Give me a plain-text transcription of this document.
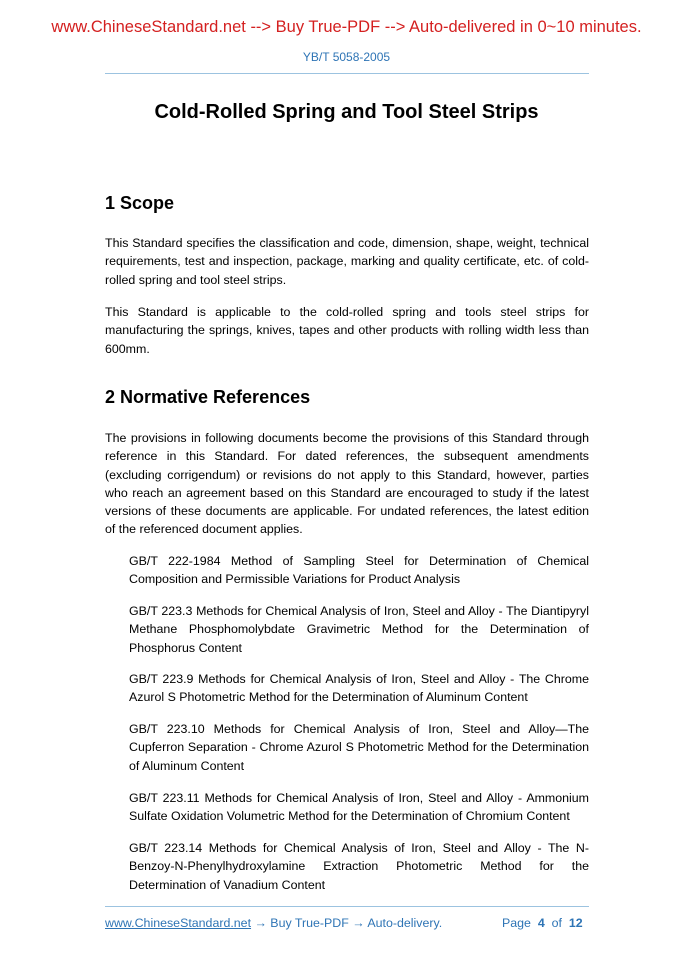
www.ChineseStandard.net --> Buy True-PDF --> Auto-delivered in 0~10 minutes.
YB/T 5058-2005
Cold-Rolled Spring and Tool Steel Strips
1 Scope

This Standard specifies the classification and code, dimension, shape, weight, technical requirements, test and inspection, package, marking and quality certificate, etc. of cold-rolled spring and tool steel strips.

This Standard is applicable to the cold-rolled spring and tools steel strips for manufacturing the springs, knives, tapes and other products with rolling width less than 600mm.

2 Normative References

The provisions in following documents become the provisions of this Standard through reference in this Standard. For dated references, the subsequent amendments (excluding corrigendum) or revisions do not apply to this Standard, however, parties who reach an agreement based on this Standard are encouraged to study if the latest versions of these documents are applicable. For undated references, the latest edition of the referenced document applies.

GB/T 222-1984 Method of Sampling Steel for Determination of Chemical Composition and Permissible Variations for Product Analysis

GB/T 223.3 Methods for Chemical Analysis of Iron, Steel and Alloy - The Diantipyryl Methane Phosphomolybdate Gravimetric Method for the Determination of Phosphorus Content

GB/T 223.9 Methods for Chemical Analysis of Iron, Steel and Alloy - The Chrome Azurol S Photometric Method for the Determination of Aluminum Content

GB/T 223.10 Methods for Chemical Analysis of Iron, Steel and Alloy—The Cupferron Separation - Chrome Azurol S Photometric Method for the Determination of Aluminum Content

GB/T 223.11 Methods for Chemical Analysis of Iron, Steel and Alloy - Ammonium Sulfate Oxidation Volumetric Method for the Determination of Chromium Content

GB/T 223.14 Methods for Chemical Analysis of Iron, Steel and Alloy - The N-Benzoy-N-Phenylhydroxylamine Extraction Photometric Method for the Determination of Vanadium Content

www.ChineseStandard.net → Buy True-PDF → Auto-delivery.	Page 4 of 12
